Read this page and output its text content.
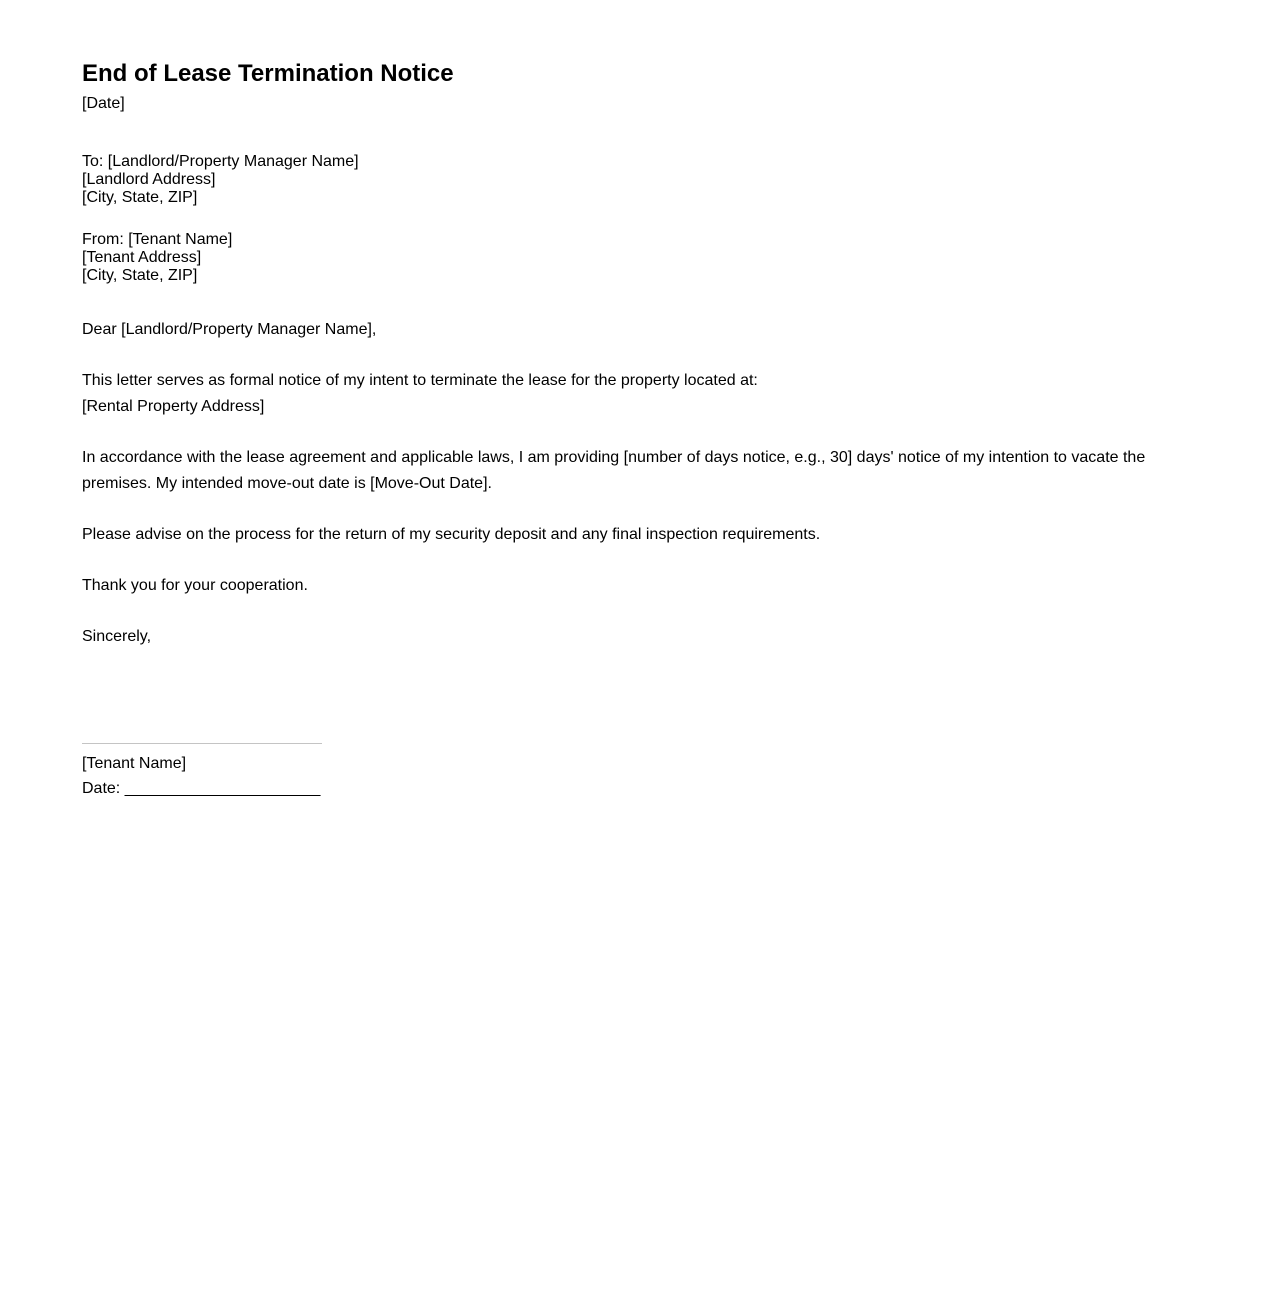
End of Lease Termination Notice
[Date]
To: [Landlord/Property Manager Name]
[Landlord Address]
[City, State, ZIP]
From: [Tenant Name]
[Tenant Address]
[City, State, ZIP]
Dear [Landlord/Property Manager Name],
This letter serves as formal notice of my intent to terminate the lease for the property located at:
[Rental Property Address]
In accordance with the lease agreement and applicable laws, I am providing [number of days notice, e.g., 30] days' notice of my intention to vacate the premises. My intended move-out date is [Move-Out Date].
Please advise on the process for the return of my security deposit and any final inspection requirements.
Thank you for your cooperation.
Sincerely,
[Tenant Name]
Date: ______________________
